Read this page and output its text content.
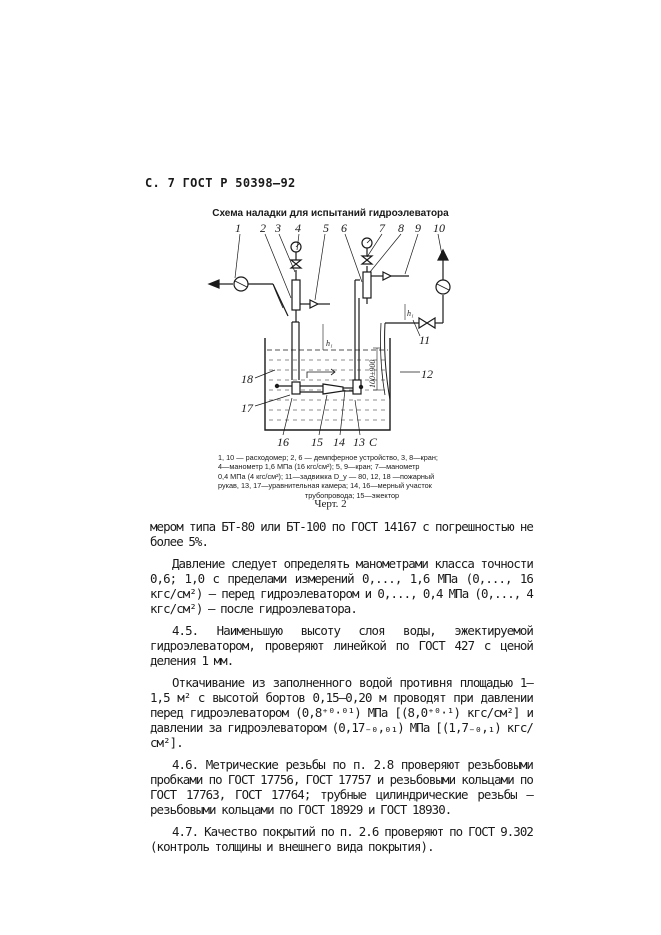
С. 7 ГОСТ Р 50398—92
Схема наладки для испытаний гидроэлеватора
h₁
h₁
100±900
1 2 3 4 5 6	7 8 9 10
12
11
18
17
16 15 14 13 С
1, 10 — расходомер; 2, 6 — демпферное устройство, 3, 8—кран;
4—манометр 1,6 МПа (16 кгс/см²); 5, 9—кран; 7—манометр
0,4 МПа (4 кгс/см²); 11—задвижка D_y — 80, 12, 18 —пожарный
рукав, 13, 17—уравнительная камера; 14, 16—мерный участок
трубопровода; 15—эжектор
Черт. 2

мером типа БТ-80 или БТ-100 по ГОСТ 14167 с погрешностью не более 5%.

Давление следует определять манометрами класса точности 0,6; 1,0 с пределами измерений 0,..., 1,6 МПа (0,..., 16 кгс/см²) — перед гидроэлеватором и 0,..., 0,4 МПа (0,..., 4 кгс/см²) — после гидроэлеватора.

4.5. Наименьшую высоту слоя воды, эжектируемой гидроэлеватором, проверяют линейкой по ГОСТ 427 с ценой деления 1 мм.

Откачивание из заполненного водой противня площадью 1—1,5 м² с высотой бортов 0,15—0,20 м проводят при давлении перед гидроэлеватором (0,8⁺⁰·⁰¹) МПа [(8,0⁺⁰·¹) кгс/см²] и давлении за гидроэлеватором (0,17₋₀,₀₁) МПа [(1,7₋₀,₁) кгс/см²].

4.6. Метрические резьбы по п. 2.8 проверяют резьбовыми пробками по ГОСТ 17756, ГОСТ 17757 и резьбовыми кольцами по ГОСТ 17763, ГОСТ 17764; трубные цилиндрические резьбы — резьбовыми кольцами по ГОСТ 18929 и ГОСТ 18930.

4.7. Качество покрытий по п. 2.6 проверяют по ГОСТ 9.302 (контроль толщины и внешнего вида покрытия).
